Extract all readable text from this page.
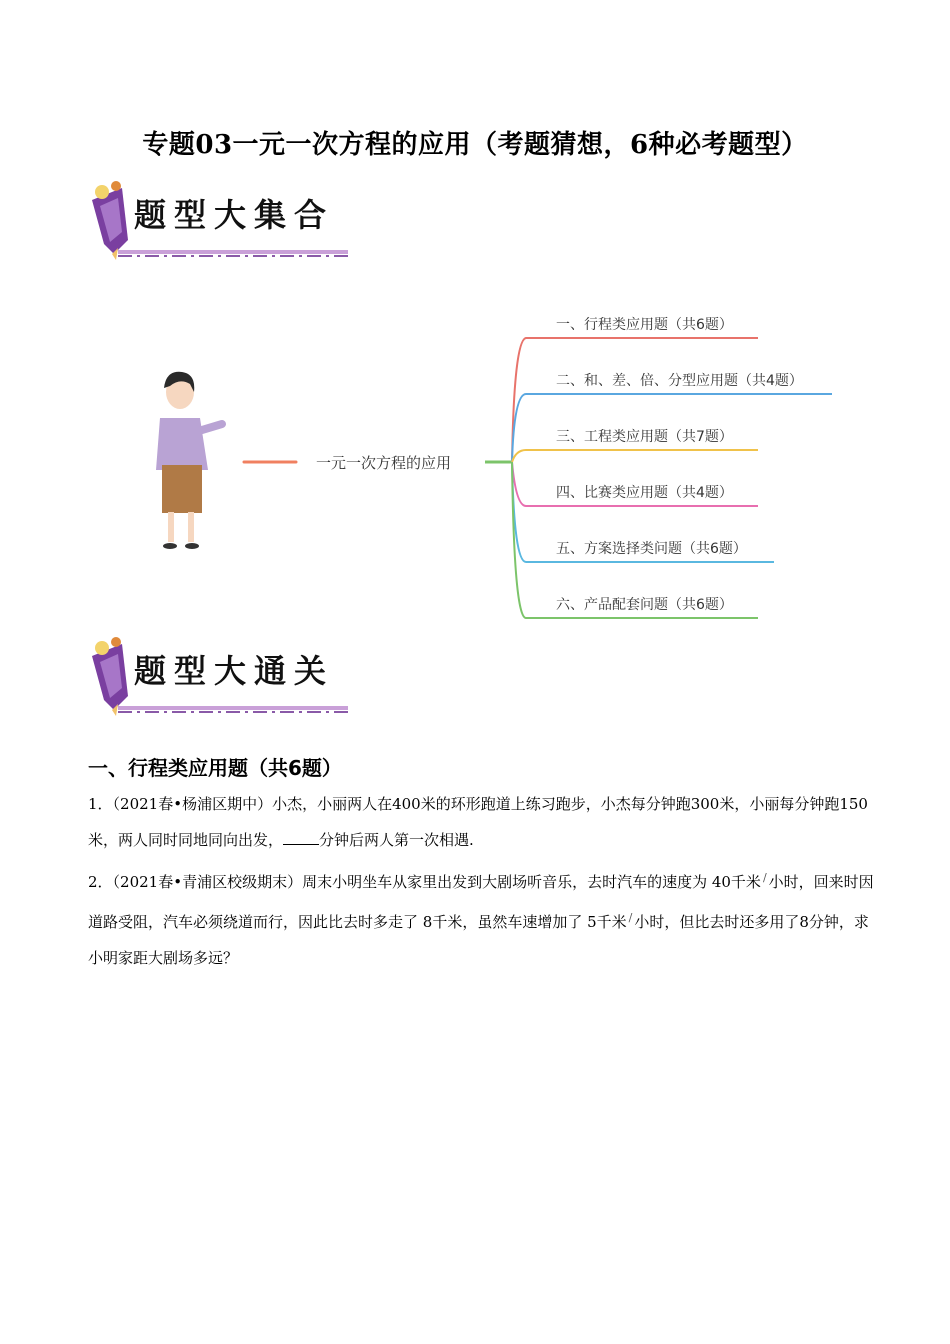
专题03一元一次方程的应用（考题猜想，6种必考题型）
题型大集合
一元一次方程的应用
一、行程类应用题（共6题）
二、和、差、倍、分型应用题（共4题）
三、工程类应用题（共7题）
四、比赛类应用题（共4题）
五、方案选择类问题（共6题）
六、产品配套问题（共6题）
题型大通关
一、行程类应用题（共6题）
1．（2021春•杨浦区期中）小杰，小丽两人在400米的环形跑道上练习跑步，小杰每分钟跑300米，小丽每分钟跑150米，两人同时同地同向出发， 分钟后两人第一次相遇.
2．（2021春•青浦区校级期末）周末小明坐车从家里出发到大剧场听音乐，去时汽车的速度为 40千米 / 小时，回来时因道路受阻，汽车必须绕道而行，因此比去时多走了 8千米，虽然车速增加了 5千米 / 小时，但比去时还多用了8分钟，求小明家距大剧场多远？
